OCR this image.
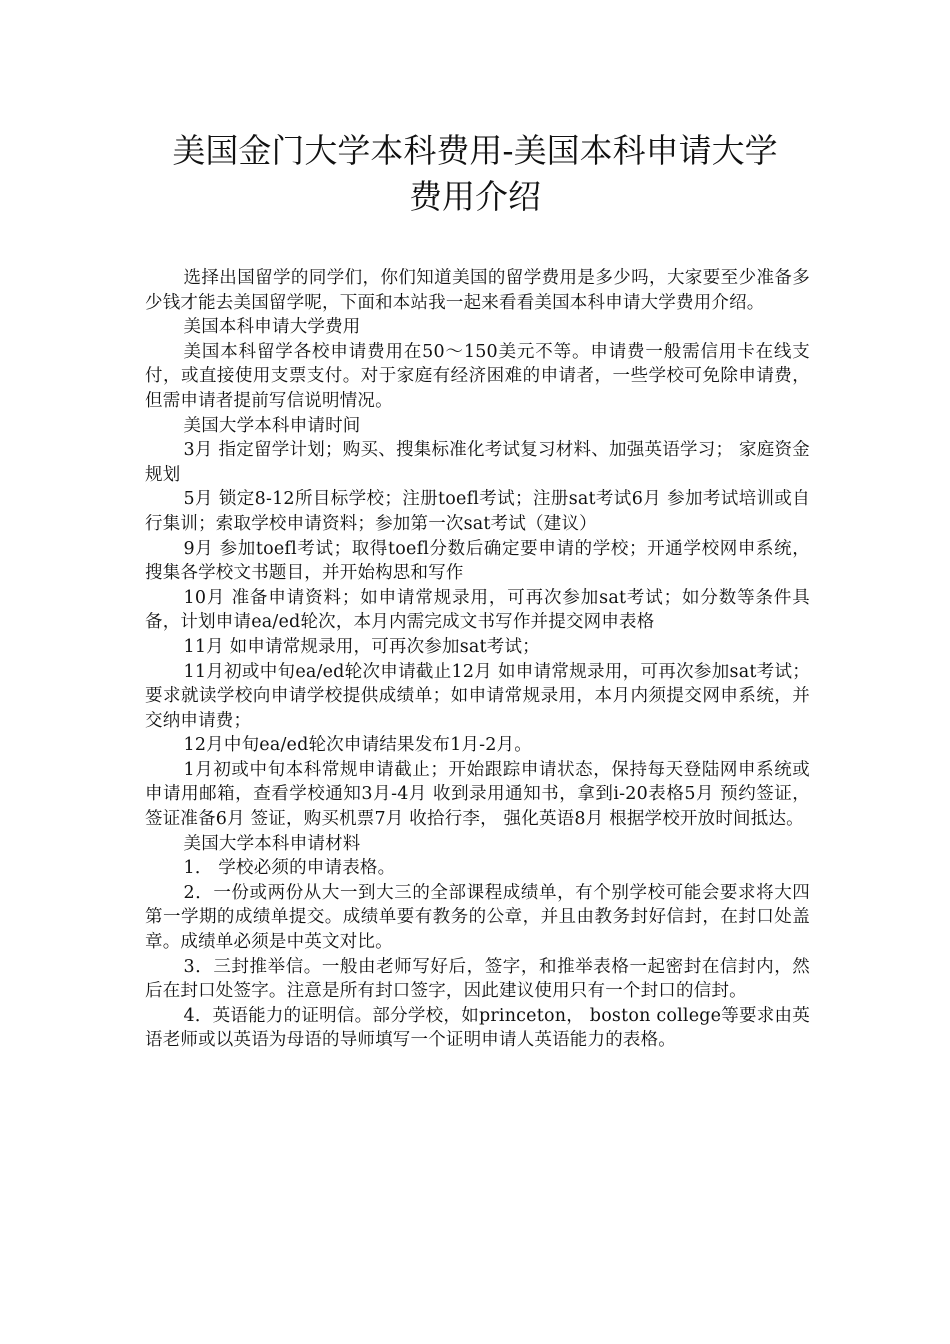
美国金门大学本科费用-美国本科申请大学
费用介绍

选择出国留学的同学们，你们知道美国的留学费用是多少吗，大家要至少准备多少钱才能去美国留学呢，下面和本站我一起来看看美国本科申请大学费用介绍。

美国本科申请大学费用

美国本科留学各校申请费用在50～150美元不等。申请费一般需信用卡在线支付，或直接使用支票支付。对于家庭有经济困难的申请者，一些学校可免除申请费，但需申请者提前写信说明情况。

美国大学本科申请时间

3月 指定留学计划；购买、搜集标准化考试复习材料、加强英语学习； 家庭资金规划

5月 锁定8-12所目标学校；注册toefl考试；注册sat考试6月 参加考试培训或自行集训；索取学校申请资料；参加第一次sat考试（建议）

9月 参加toefl考试；取得toefl分数后确定要申请的学校；开通学校网申系统，搜集各学校文书题目，并开始构思和写作

10月 准备申请资料；如申请常规录用，可再次参加sat考试；如分数等条件具备，计划申请ea/ed轮次，本月内需完成文书写作并提交网申表格

11月 如申请常规录用，可再次参加sat考试；

11月初或中旬ea/ed轮次申请截止12月 如申请常规录用，可再次参加sat考试；要求就读学校向申请学校提供成绩单；如申请常规录用，本月内须提交网申系统，并交纳申请费；

12月中旬ea/ed轮次申请结果发布1月-2月。

1月初或中旬本科常规申请截止；开始跟踪申请状态，保持每天登陆网申系统或申请用邮箱，查看学校通知3月-4月 收到录用通知书，拿到i-20表格5月 预约签证，签证准备6月 签证，购买机票7月 收拾行李， 强化英语8月 根据学校开放时间抵达。

美国大学本科申请材料

1． 学校必须的申请表格。

2．一份或两份从大一到大三的全部课程成绩单，有个别学校可能会要求将大四第一学期的成绩单提交。成绩单要有教务的公章，并且由教务封好信封，在封口处盖章。成绩单必须是中英文对比。

3．三封推举信。一般由老师写好后，签字，和推举表格一起密封在信封内，然后在封口处签字。注意是所有封口签字，因此建议使用只有一个封口的信封。

4．英语能力的证明信。部分学校，如princeton， boston college等要求由英语老师或以英语为母语的导师填写一个证明申请人英语能力的表格。
